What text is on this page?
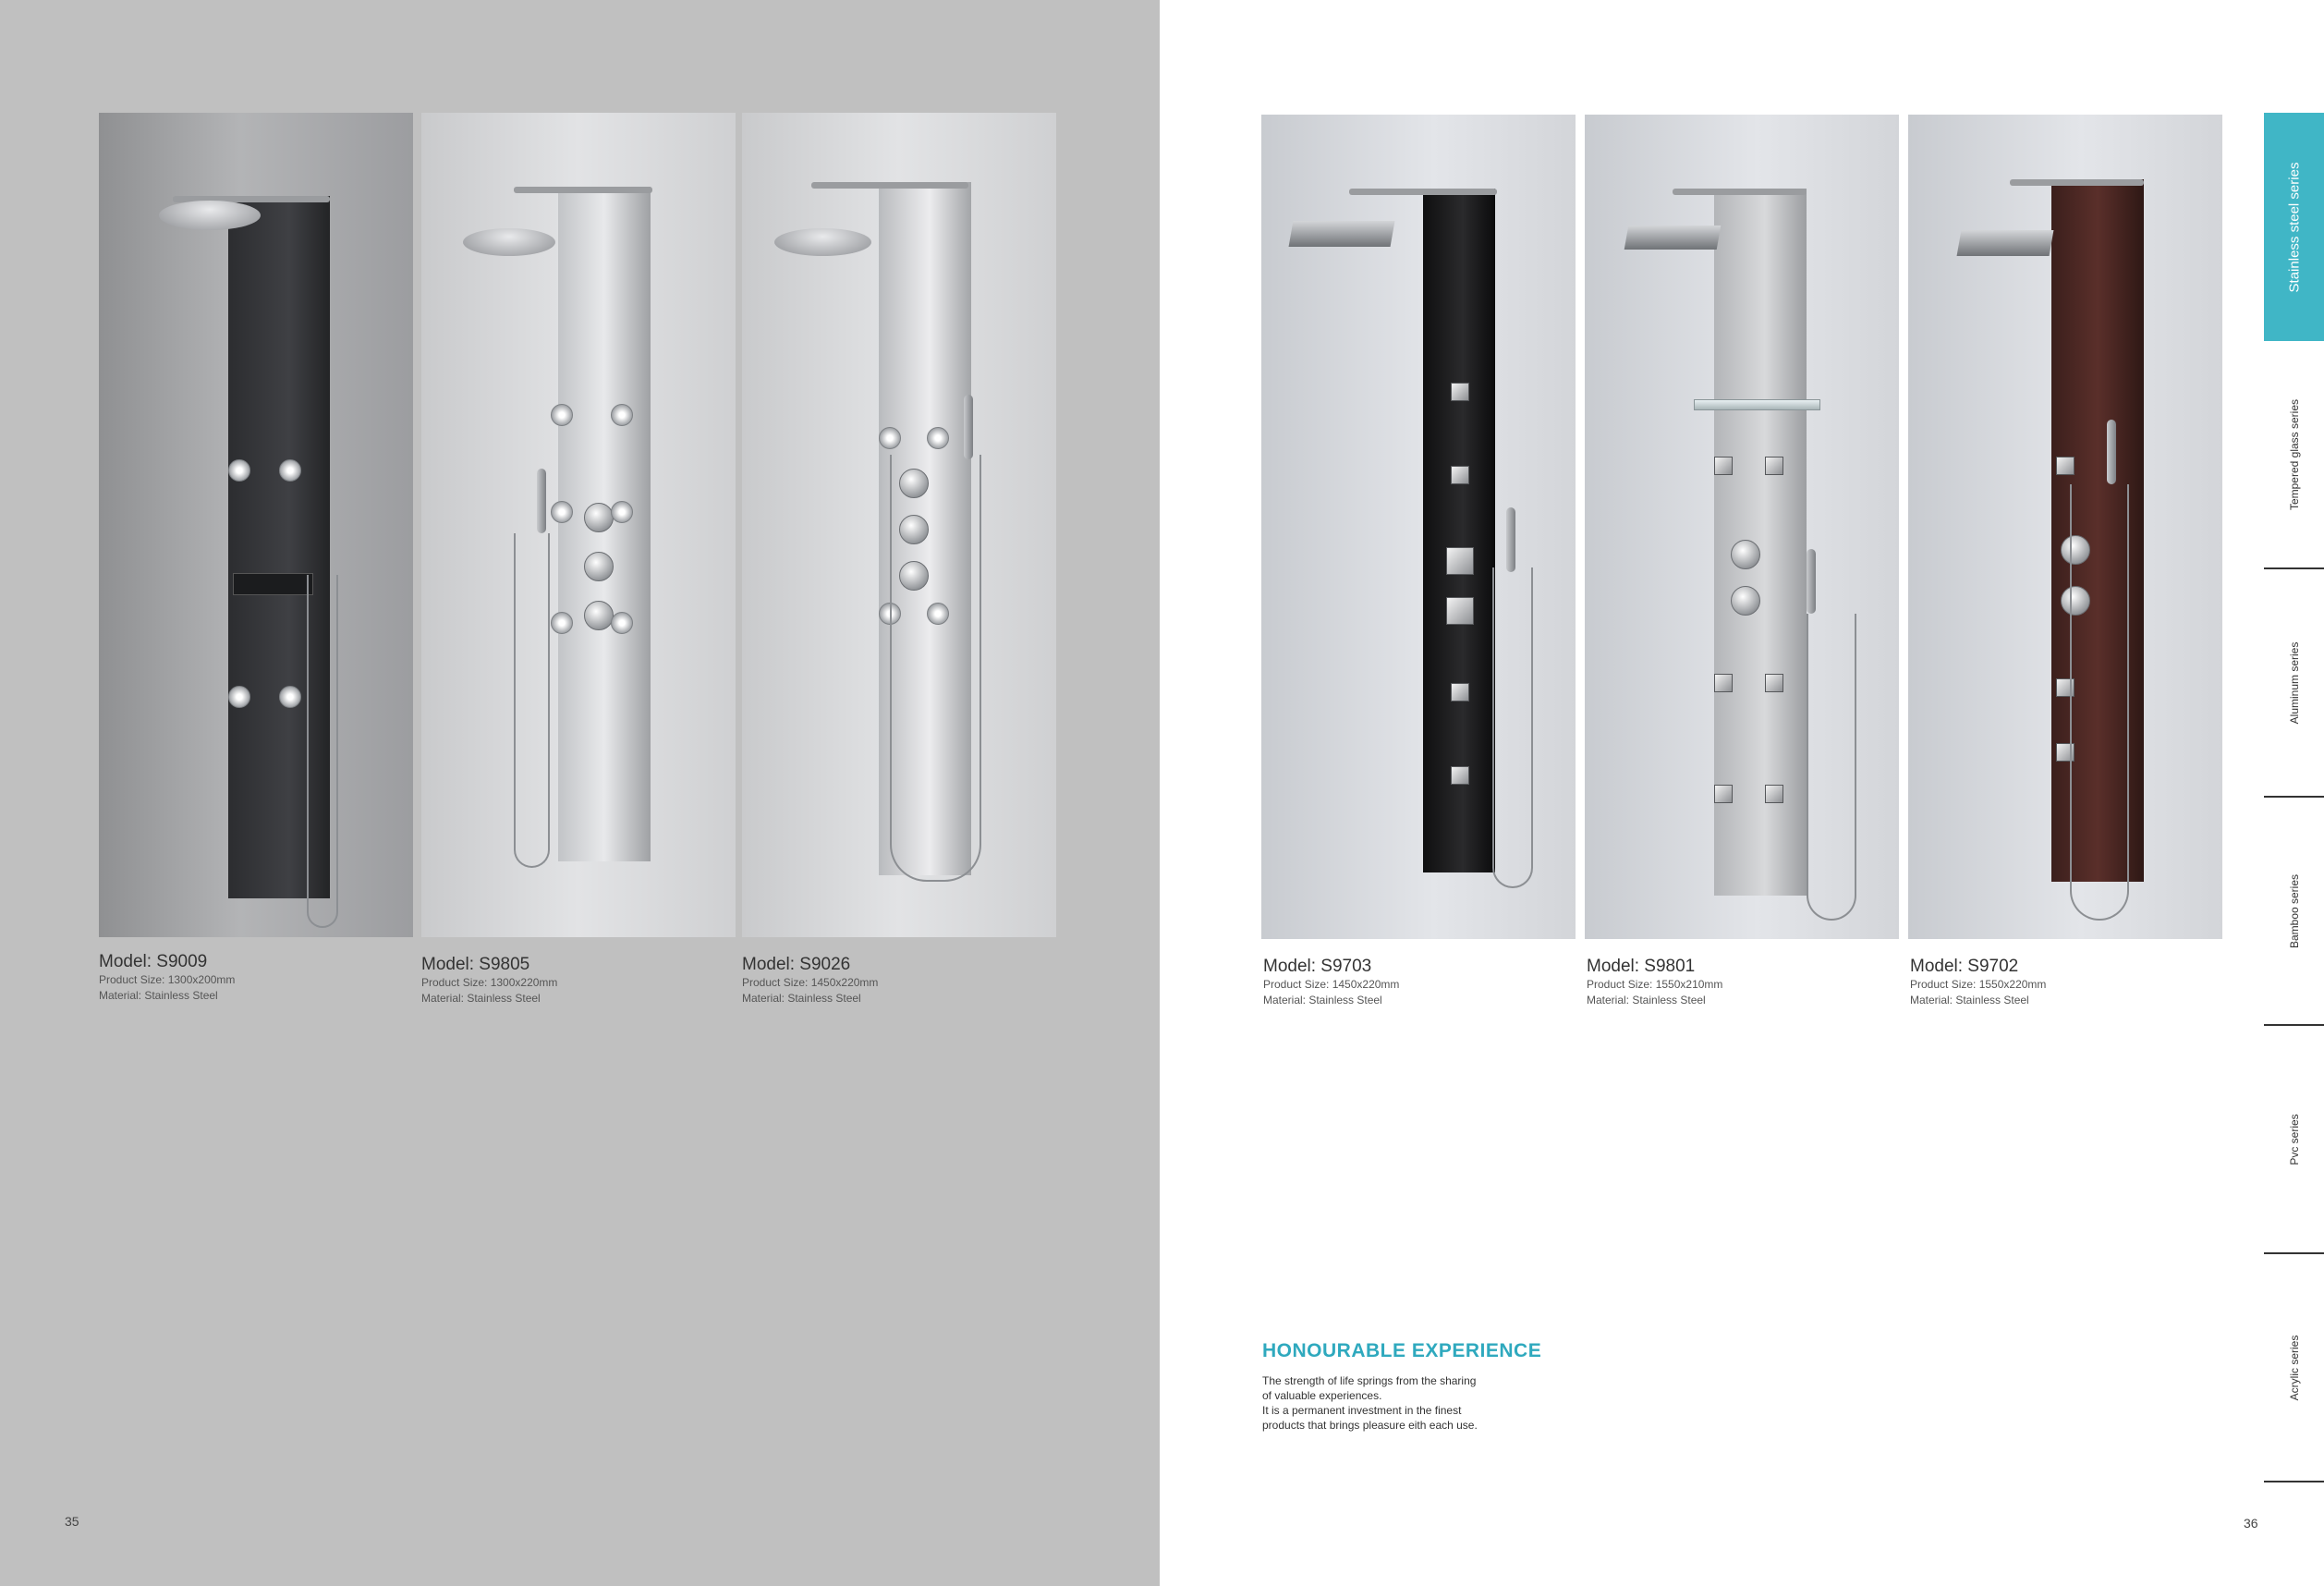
Model: S9009
Product Size: 1300x200mm
Material: Stainless Steel
Model: S9805
Product Size: 1300x220mm
Material: Stainless Steel
Model: S9026
Product Size: 1450x220mm
Material: Stainless Steel
35
Model: S9703
Product Size: 1450x220mm
Material: Stainless Steel
Model: S9801
Product Size: 1550x210mm
Material: Stainless Steel
Model: S9702
Product Size: 1550x220mm
Material: Stainless Steel
HONOURABLE EXPERIENCE
The strength of life springs from the sharing
of valuable experiences.
It is a permanent investment in the finest
products that brings pleasure eith each use.
36
Stainless steel series
Tempered glass series
Aluminum series
Bamboo series
Pvc series
Acrylic series
